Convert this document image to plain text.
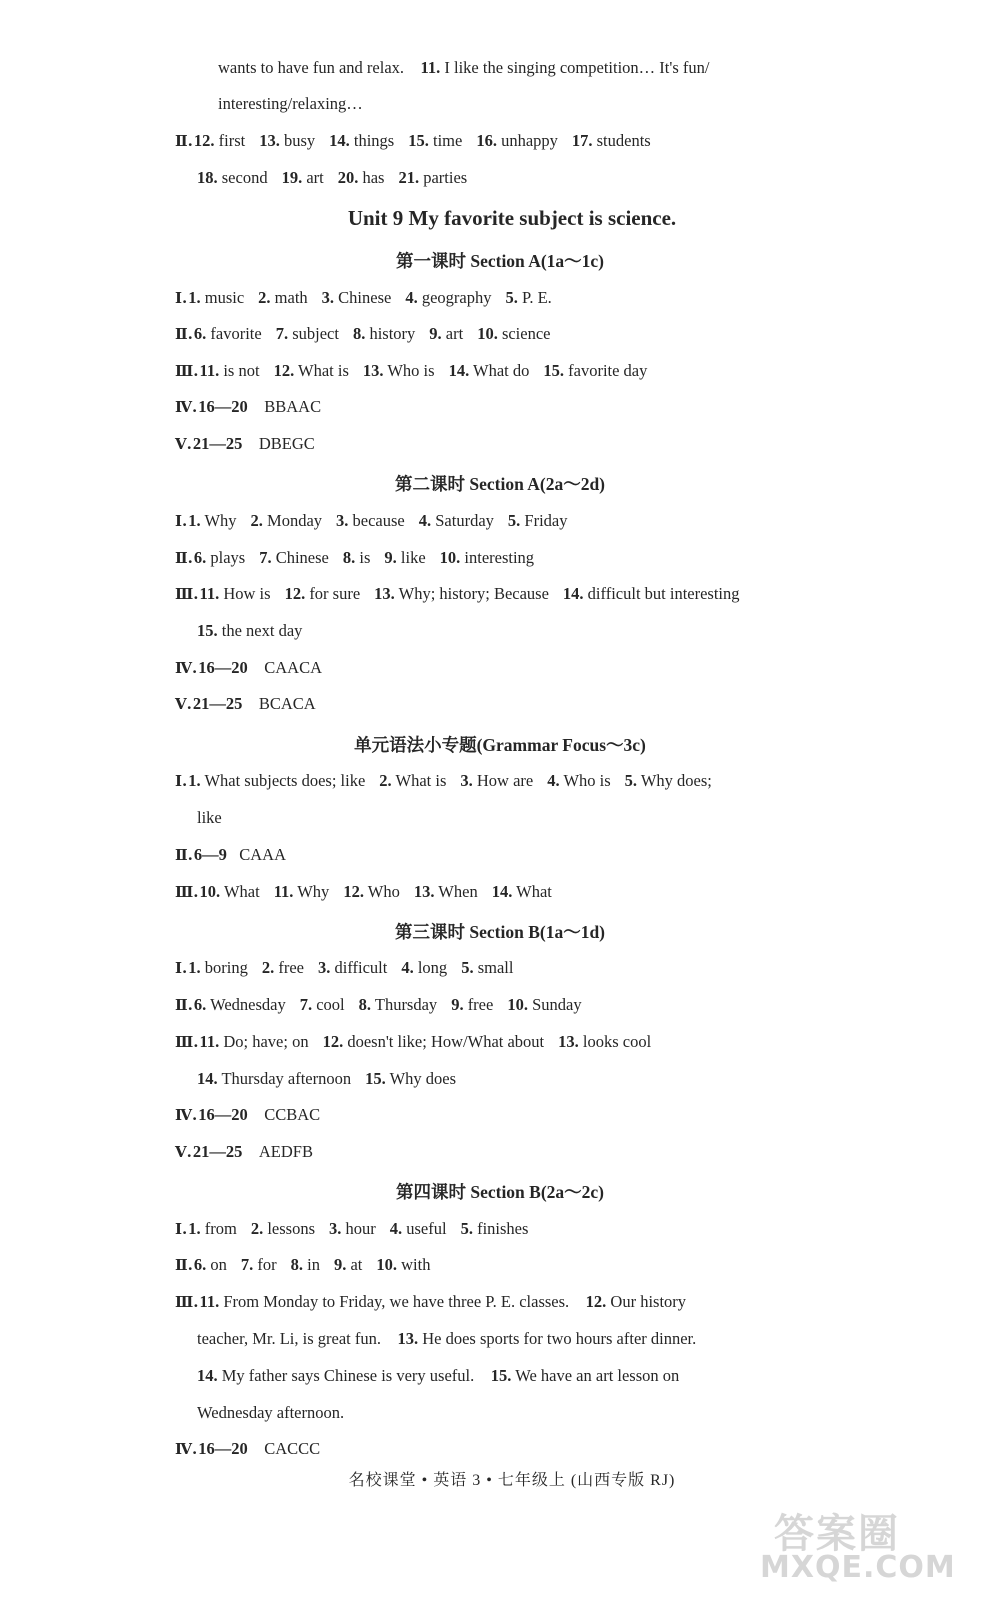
wants to have fun and relax. 11. I like the singing competition… It's fun/
interesting/relaxing…
Ⅱ.12. first 13. busy 14. things 15. time 16. unhappy 17. students
18. second 19. art 20. has 21. parties
Unit 9 My favorite subject is science.
第一课时 Section A(1a～1c)
Ⅰ.1. music 2. math 3. Chinese 4. geography 5. P. E.
Ⅱ.6. favorite 7. subject 8. history 9. art 10. science
Ⅲ.11. is not 12. What is 13. Who is 14. What do 15. favorite day
Ⅳ.16—20 BBAAC
Ⅴ.21—25 DBEGC
第二课时 Section A(2a～2d)
Ⅰ.1. Why 2. Monday 3. because 4. Saturday 5. Friday
Ⅱ.6. plays 7. Chinese 8. is 9. like 10. interesting
Ⅲ.11. How is 12. for sure 13. Why; history; Because 14. difficult but interesting
15. the next day
Ⅳ.16—20 CAACA
Ⅴ.21—25 BCACA
单元语法小专题(Grammar Focus～3c)
Ⅰ.1. What subjects does; like 2. What is 3. How are 4. Who is 5. Why does;
like
Ⅱ.6—9 CAAA
Ⅲ.10. What 11. Why 12. Who 13. When 14. What
第三课时 Section B(1a～1d)
Ⅰ.1. boring 2. free 3. difficult 4. long 5. small
Ⅱ.6. Wednesday 7. cool 8. Thursday 9. free 10. Sunday
Ⅲ.11. Do; have; on 12. doesn't like; How/What about 13. looks cool
14. Thursday afternoon 15. Why does
Ⅳ.16—20 CCBAC
Ⅴ.21—25 AEDFB
第四课时 Section B(2a～2c)
Ⅰ.1. from 2. lessons 3. hour 4. useful 5. finishes
Ⅱ.6. on 7. for 8. in 9. at 10. with
Ⅲ.11. From Monday to Friday, we have three P. E. classes. 12. Our history
teacher, Mr. Li, is great fun. 13. He does sports for two hours after dinner.
14. My father says Chinese is very useful. 15. We have an art lesson on
Wednesday afternoon.
Ⅳ.16—20 CACCC
名校课堂 • 英语 3 • 七年级上 (山西专版 RJ)
答案圈
MXQE.COM
